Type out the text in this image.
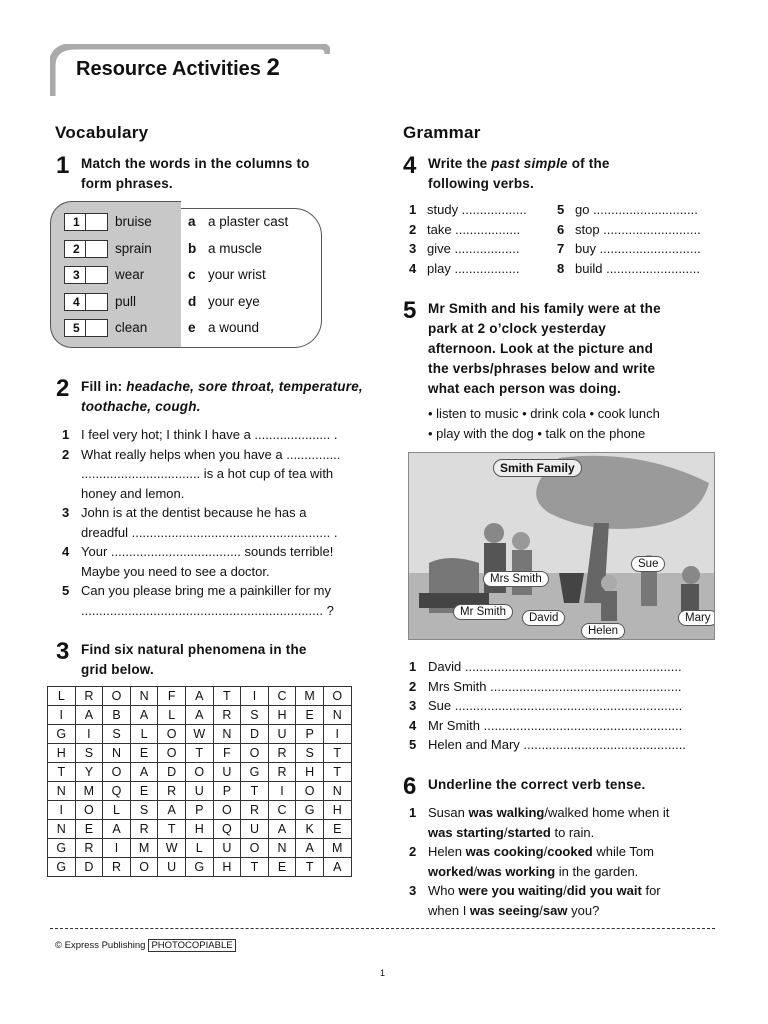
Resource Activities 2
Vocabulary
1 Match the words in the columns to
form phrases.
1	bruise
2	sprain
3	wear
4	pull
5	clean
a a plaster cast
b a muscle
c your wrist
d your eye
e a wound
2 Fill in: headache, sore throat, temperature,
toothache, cough.
1 I feel very hot; I think I have a ..................... .
2 What really helps when you have a ...............
................................. is a hot cup of tea with
honey and lemon.
3 John is at the dentist because he has a
dreadful ....................................................... .
4 Your .................................... sounds terrible!
Maybe you need to see a doctor.
5 Can you please bring me a painkiller for my
................................................................... ?
3 Find six natural phenomena in the
grid below.
L	R	O	N	F	A	T	I	C	M	O
I	A	B	A	L	A	R	S	H	E	N
G	I	S	L	O	W	N	D	U	P	I
H	S	N	E	O	T	F	O	R	S	T
T	Y	O	A	D	O	U	G	R	H	T
N	M	Q	E	R	U	P	T	I	O	N
I	O	L	S	A	P	O	R	C	G	H
N	E	A	R	T	H	Q	U	A	K	E
G	R	I	M	W	L	U	O	N	A	M
G	D	R	O	U	G	H	T	E	T	A
Grammar
4 Write the past simple of the
following verbs.
1 study ..................
2 take ..................
3 give ..................
4 play ..................
5 go .............................
6 stop ...........................
7 buy ............................
8 build ..........................
5 Mr Smith and his family were at the
park at 2 o’clock yesterday
afternoon. Look at the picture and
the verbs/phrases below and write
what each person was doing.
• listen to music • drink cola • cook lunch
• play with the dog • talk on the phone
Smith Family
Mrs Smith
Sue
Mr Smith	David	Mary
Helen
1 David ............................................................
2 Mrs Smith .....................................................
3 Sue ...............................................................
4 Mr Smith .......................................................
5 Helen and Mary .............................................
6 Underline the correct verb tense.
1 Susan was walking/walked home when it
was starting/started to rain.
2 Helen was cooking/cooked while Tom
worked/was working in the garden.
3 Who were you waiting/did you wait for
when I was seeing/saw you?
© Express Publishing PHOTOCOPIABLE
1
